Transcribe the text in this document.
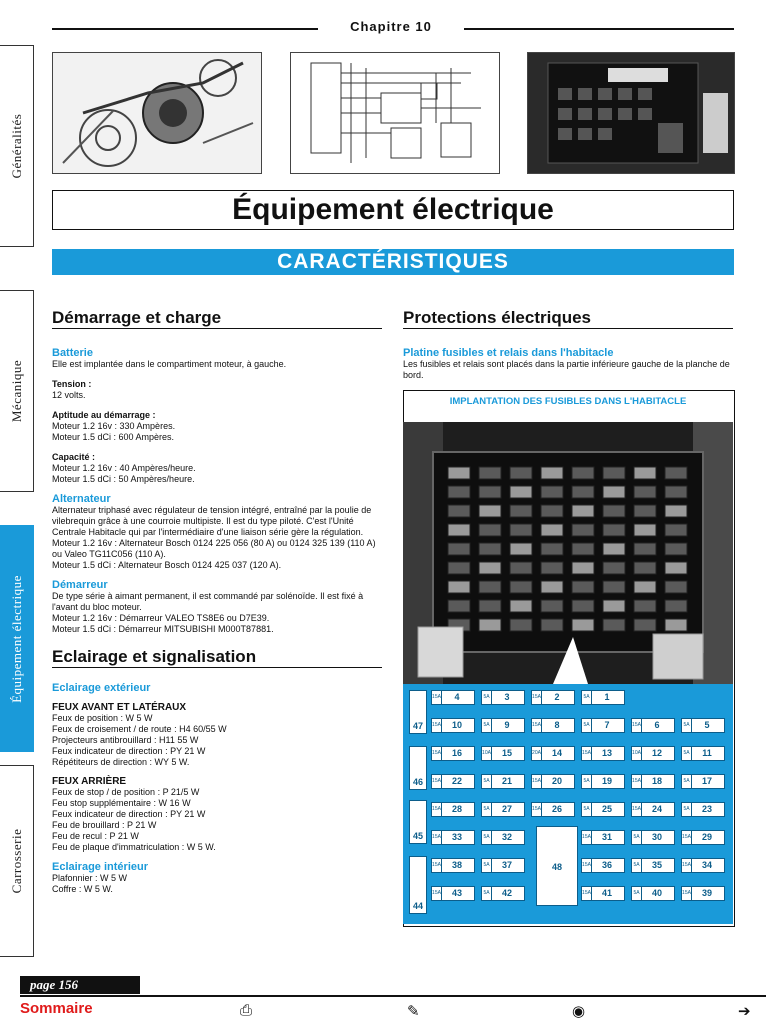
Chapitre 10
Généralités
Mécanique
Équipement électrique
Carrosserie
Équipement électrique
CARACTÉRISTIQUES
Démarrage et charge
Batterie

Elle est implantée dans le compartiment moteur, à gauche.

Tension :

12 volts.

Aptitude au démarrage :

Moteur 1.2 16v : 330 Ampères.

Moteur 1.5 dCi : 600 Ampères.

Capacité :

Moteur 1.2 16v : 40 Ampères/heure.

Moteur 1.5 dCi : 50 Ampères/heure.

Alternateur

Alternateur triphasé avec régulateur de tension intégré, entraîné par la poulie de vilebrequin grâce à une courroie multipiste. Il est du type piloté. C'est l'Unité Centrale Habitacle qui par l'intermédiaire d'une liaison série gère la régulation.

Moteur 1.2 16v : Alternateur Bosch 0124 225 056 (80 A) ou 0124 325 139 (110 A) ou Valeo TG11C056 (110 A).

Moteur 1.5 dCi : Alternateur Bosch 0124 425 037 (120 A).

Démarreur

De type série à aimant permanent, il est commandé par solénoïde. Il est fixé à l'avant du bloc moteur.

Moteur 1.2 16v : Démarreur VALEO TS8E6 ou D7E39.

Moteur 1.5 dCi : Démarreur MITSUBISHI M000T87881.

Eclairage et signalisation
Eclairage extérieur

FEUX AVANT ET LATÉRAUX

Feux de position : W 5 W

Feux de croisement / de route : H4 60/55 W

Projecteurs antibrouillard : H11 55 W

Feux indicateur de direction : PY 21 W

Répétiteurs de direction : WY 5 W.

FEUX ARRIÈRE

Feux de stop / de position : P 21/5 W

Feu stop supplémentaire : W 16 W

Feux indicateur de direction : PY 21 W

Feu de brouillard : P 21 W

Feu de recul : P 21 W

Feu de plaque d'immatriculation : W 5 W.

Eclairage intérieur

Plafonnier : W 5 W

Coffre : W 5 W.

Protections électriques
Platine fusibles et relais dans l'habitacle

Les fusibles et relais sont placés dans la partie inférieure gauche de la planche de bord.

IMPLANTATION DES FUSIBLES DANS L'HABITACLE
47
46
45
44
48
15A	4	5A	3	15A	2	5A	1
15A	10	5A	9	15A	8	5A	7	15A	6	5A	5
15A	16	10A	15	20A	14	15A	13	10A	12	5A	11
15A	22	5A	21	15A	20	5A	19	15A	18	5A	17
15A	28	5A	27	15A	26	5A	25	15A	24	5A	23
15A	33	5A	32	15A	31	5A	30	15A	29
15A	38	5A	37	15A	36	5A	35	15A	34
15A	43	5A	42	15A	41	5A	40	15A	39
page 156
Sommaire	⎙	✎	◉	➔
